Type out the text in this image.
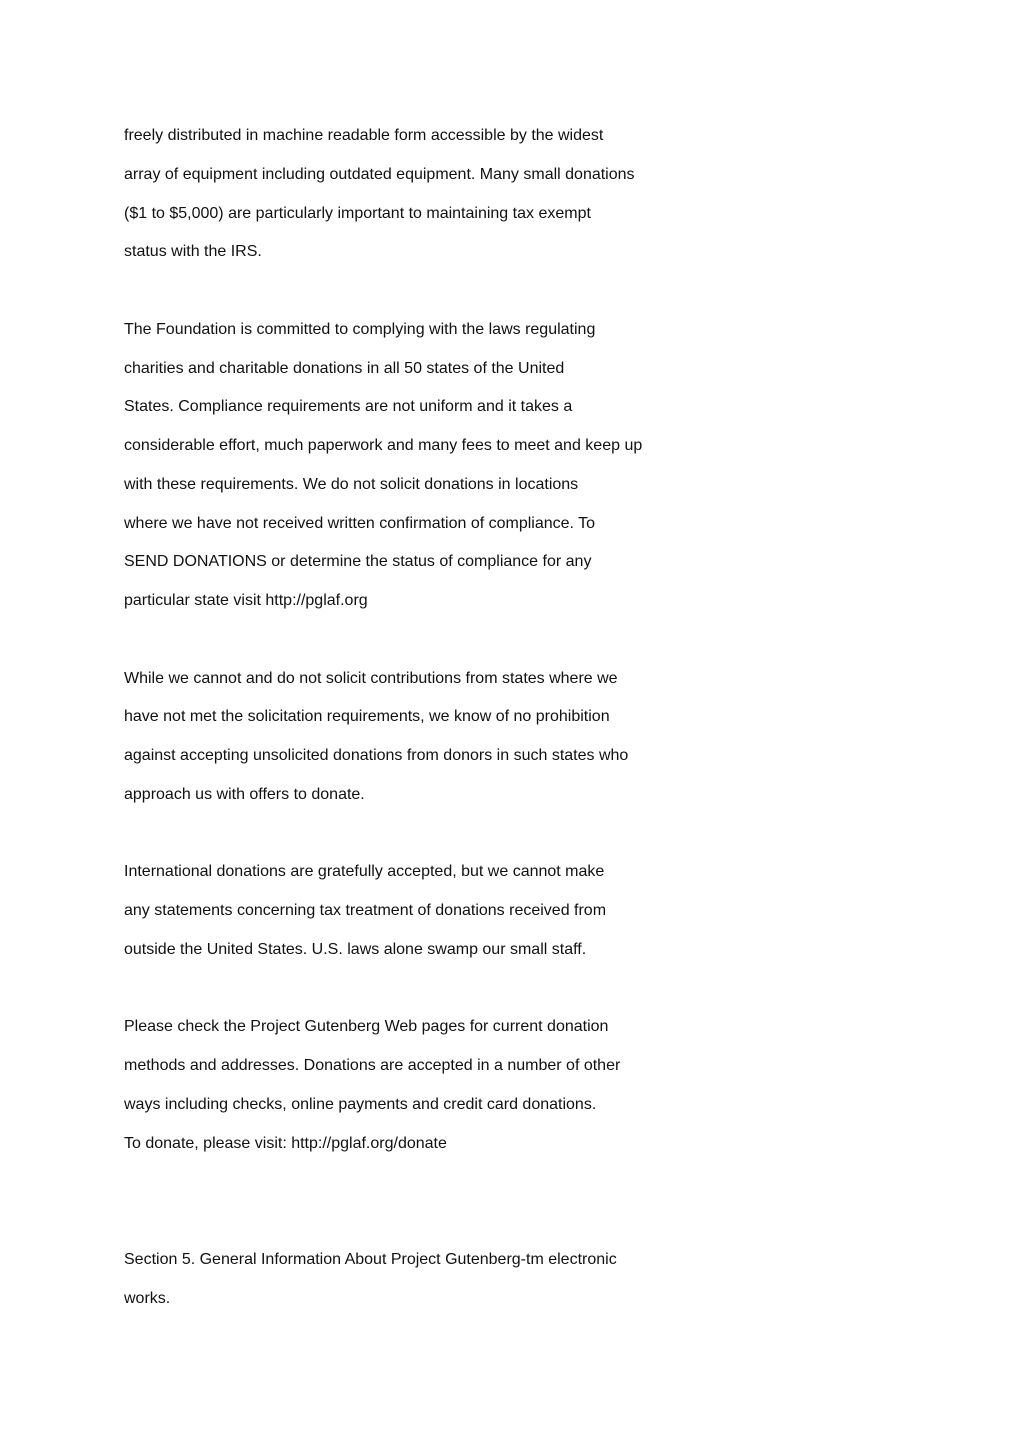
freely distributed in machine readable form accessible by the widest
array of equipment including outdated equipment. Many small donations
($1 to $5,000) are particularly important to maintaining tax exempt
status with the IRS.
The Foundation is committed to complying with the laws regulating
charities and charitable donations in all 50 states of the United
States. Compliance requirements are not uniform and it takes a
considerable effort, much paperwork and many fees to meet and keep up
with these requirements. We do not solicit donations in locations
where we have not received written confirmation of compliance. To
SEND DONATIONS or determine the status of compliance for any
particular state visit http://pglaf.org
While we cannot and do not solicit contributions from states where we
have not met the solicitation requirements, we know of no prohibition
against accepting unsolicited donations from donors in such states who
approach us with offers to donate.
International donations are gratefully accepted, but we cannot make
any statements concerning tax treatment of donations received from
outside the United States. U.S. laws alone swamp our small staff.
Please check the Project Gutenberg Web pages for current donation
methods and addresses. Donations are accepted in a number of other
ways including checks, online payments and credit card donations.
To donate, please visit: http://pglaf.org/donate
Section 5. General Information About Project Gutenberg-tm electronic
works.
